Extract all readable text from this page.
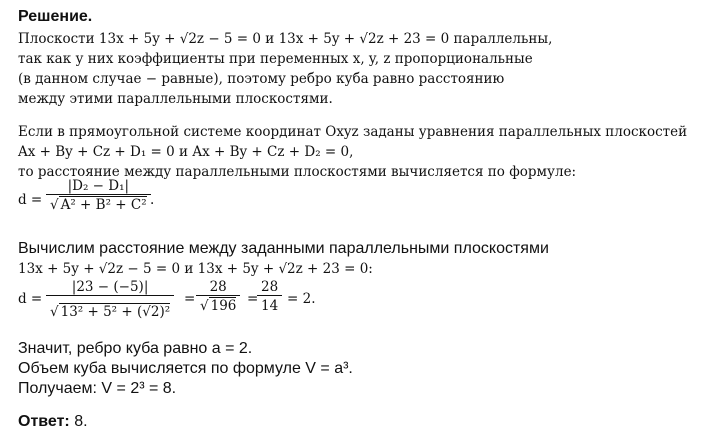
Решение.
Плоскости 13x + 5y + √2z − 5 = 0 и 13x + 5y + √2z + 23 = 0 параллельны,
так как у них коэффициенты при переменных x, y, z пропорциональные
(в данном случае − равные), поэтому ребро куба равно расстоянию
между этими параллельными плоскостями.
Если в прямоугольной системе координат Oxyz заданы уравнения параллельных плоскостей
Ax + By + Cz + D₁ = 0 и Ax + By + Cz + D₂ = 0,
то расстояние между параллельными плоскостями вычисляется по формуле:
$d = \frac{\text{|D₂ − D₁|}}{\text{√ A² + B² + C²}}$ .
Вычислим расстояние между заданными параллельными плоскостями
13x + 5y + √2z − 5 = 0 и 13x + 5y + √2z + 23 = 0:
$d = \frac{|23 - (-5)|}{\text{√ 13² + 5² + (√2)²}} = \frac{28}{√ 196}$ =
$\frac{28}{14} = 2$.
Значит, ребро куба равно a = 2.
Объем куба вычисляется по формуле V = a³.
Получаем: V = 2³ = 8.
Ответ: 8.
